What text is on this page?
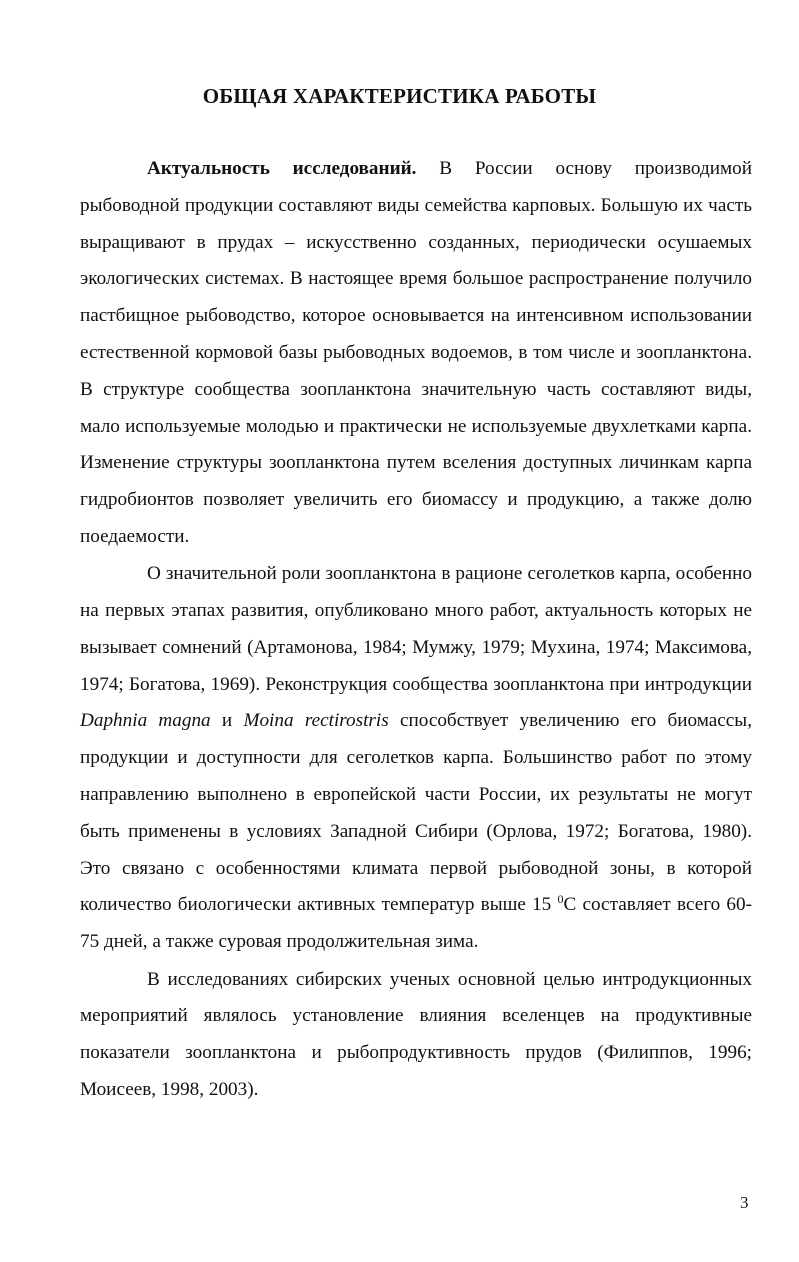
ОБЩАЯ ХАРАКТЕРИСТИКА РАБОТЫ

Актуальность исследований. В России основу производимой рыбоводной продукции составляют виды семейства карповых. Большую их часть выращивают в прудах – искусственно созданных, периодически осушаемых экологических системах. В настоящее время большое распространение получило пастбищное рыбоводство, которое основывается на интенсивном использовании естественной кормовой базы рыбоводных водоемов, в том числе и зоопланктона. В структуре сообщества зоопланктона значительную часть составляют виды, мало используемые молодью и практически не используемые двухлетками карпа. Изменение структуры зоопланктона путем вселения доступных личинкам карпа гидробионтов позволяет увеличить его биомассу и продукцию, а также долю поедаемости.

О значительной роли зоопланктона в рационе сеголетков карпа, особенно на первых этапах развития, опубликовано много работ, актуальность которых не вызывает сомнений (Артамонова, 1984; Мумжу, 1979; Мухина, 1974; Максимова, 1974; Богатова, 1969). Реконструкция сообщества зоопланктона при интродукции Daphnia magna и Moina rectirostris способствует увеличению его биомассы, продукции и доступности для сеголетков карпа. Большинство работ по этому направлению выполнено в европейской части России, их результаты не могут быть применены в условиях Западной Сибири (Орлова, 1972; Богатова, 1980). Это связано с особенностями климата первой рыбоводной зоны, в которой количество биологически активных температур выше 15 $^0$С составляет всего 60-75 дней, а также суровая продолжительная зима.

В исследованиях сибирских ученых основной целью интродукционных мероприятий являлось установление влияния вселенцев на продуктивные показатели зоопланктона и рыбопродуктивность прудов (Филиппов, 1996; Моисеев, 1998, 2003).

3
